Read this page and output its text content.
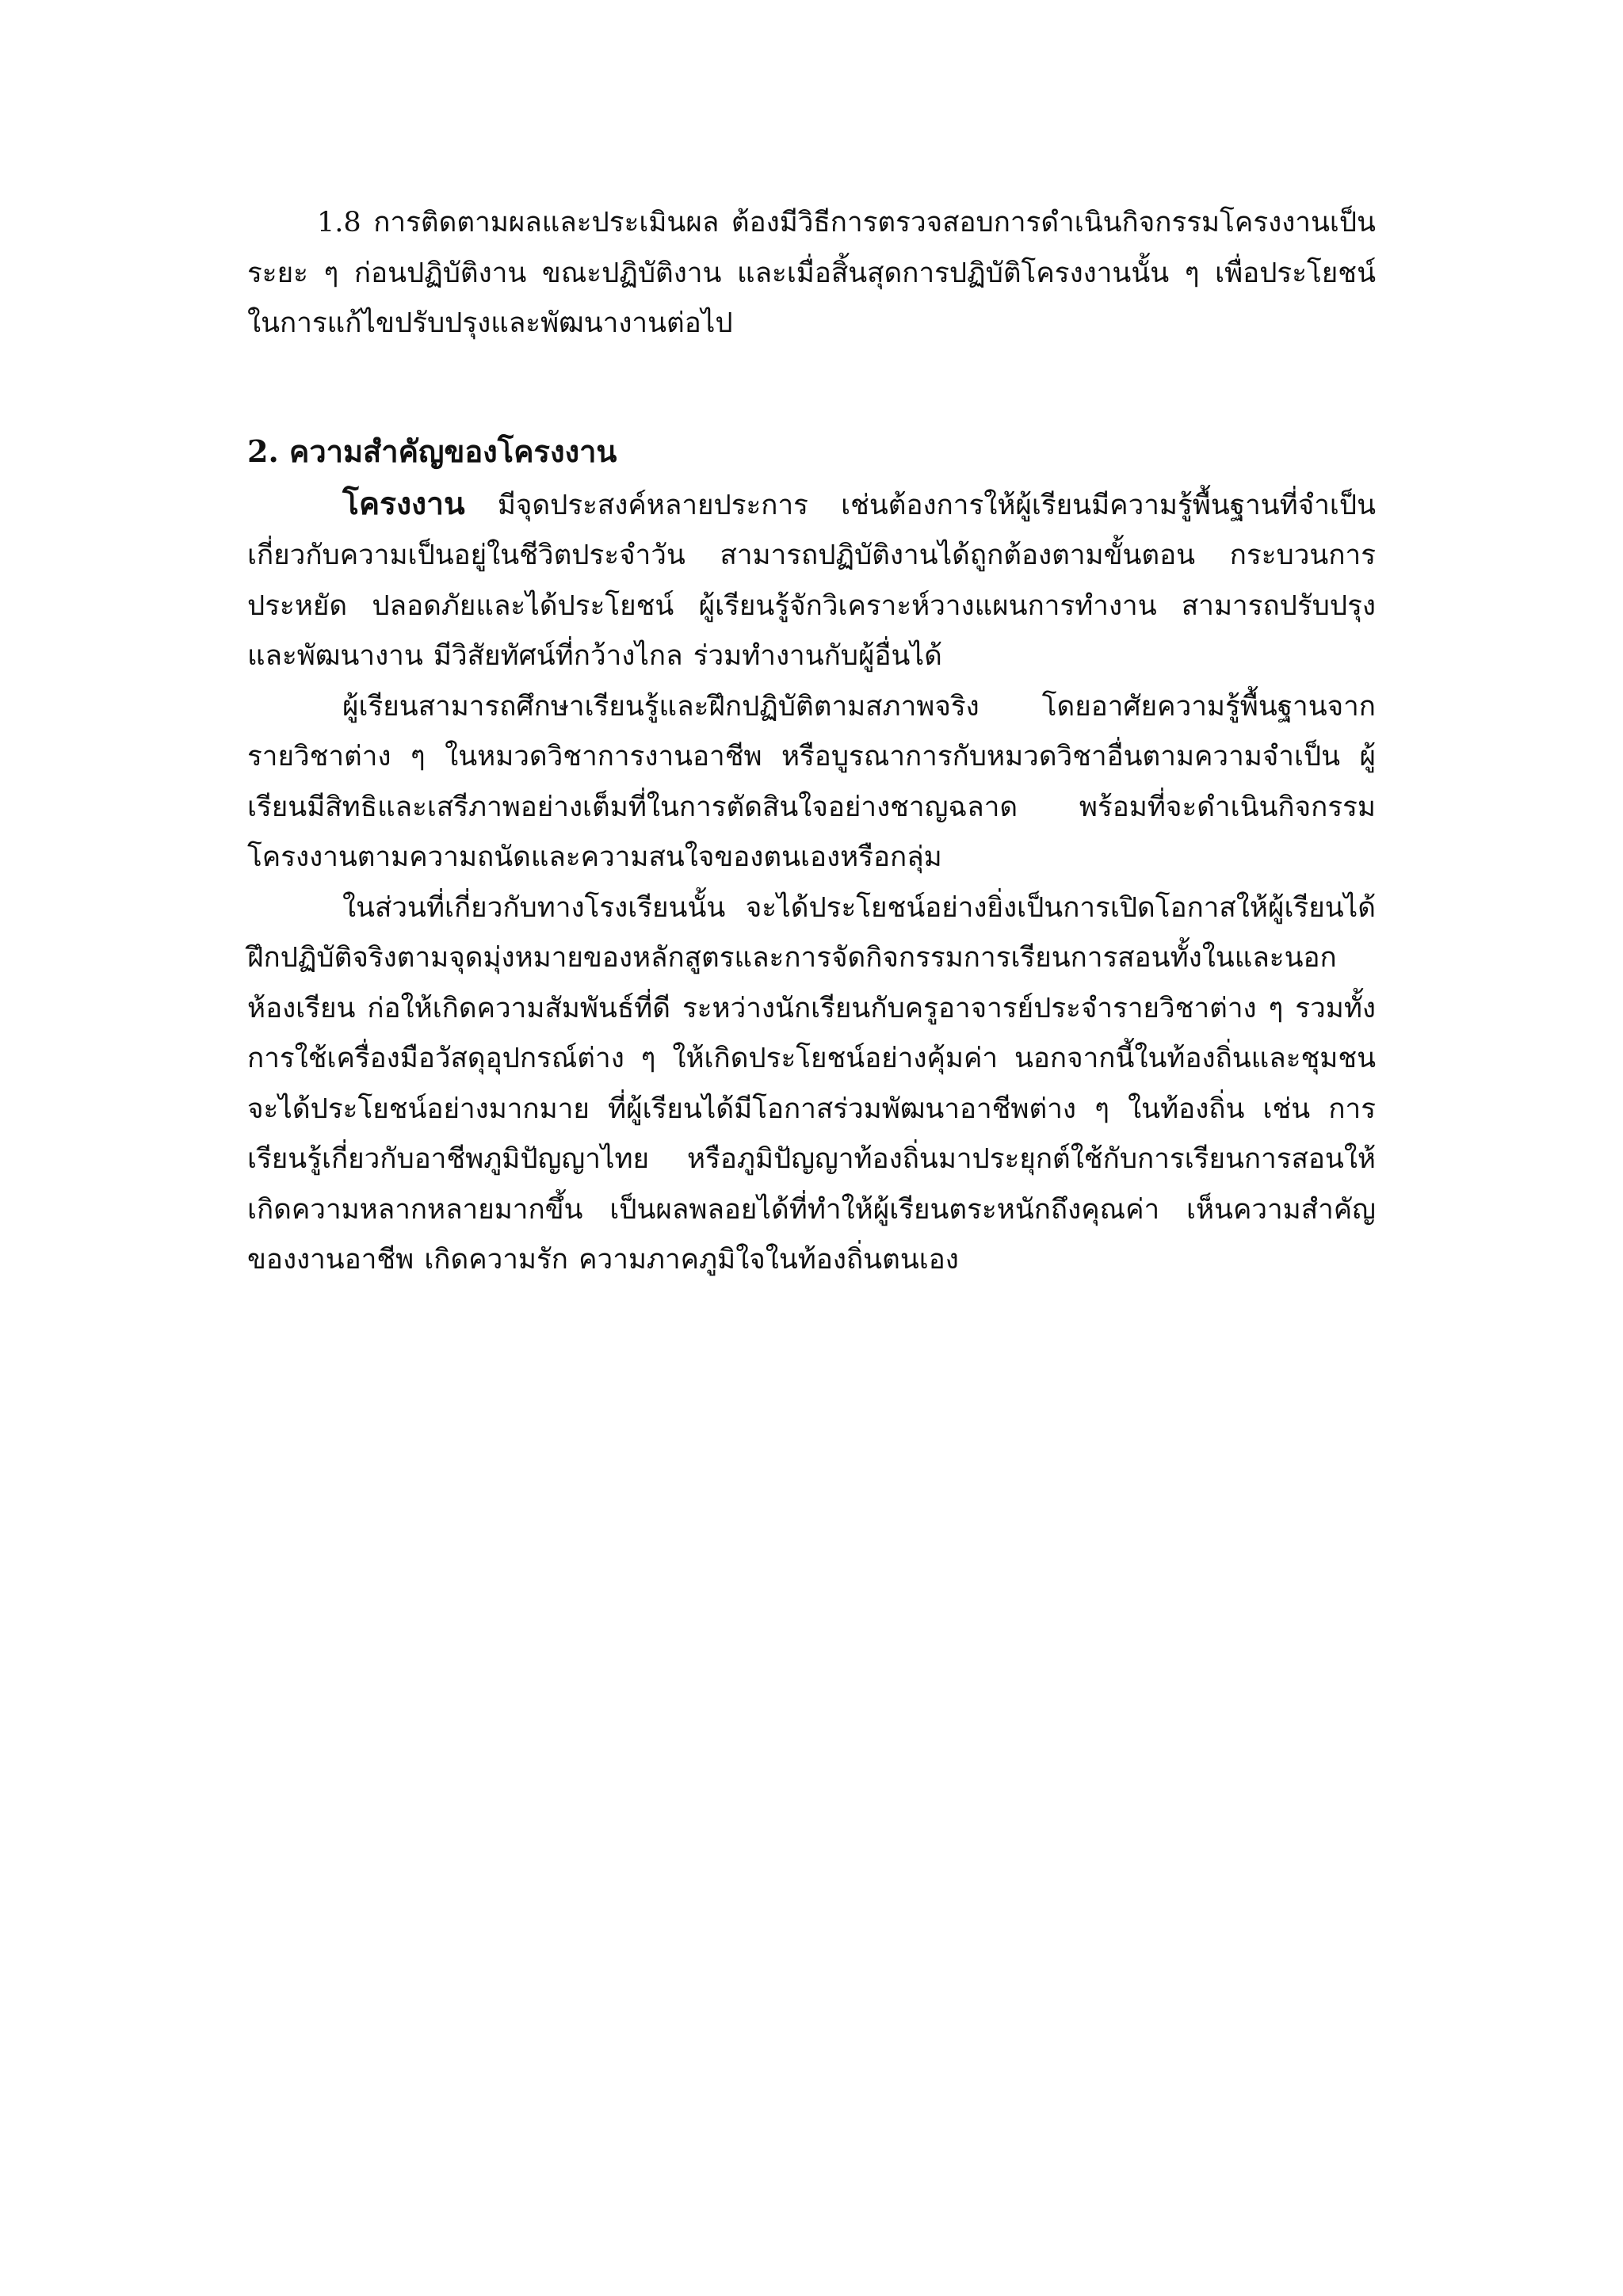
1.8 การติดตามผลและประเมินผล ต้องมีวิธีการตรวจสอบการดำเนินกิจกรรมโครงงานเป็นระยะ ๆ ก่อนปฏิบัติงาน ขณะปฏิบัติงาน และเมื่อสิ้นสุดการปฏิบัติโครงงานนั้น ๆ เพื่อประโยชน์ในการแก้ไขปรับปรุงและพัฒนางานต่อไป

2. ความสำคัญของโครงงาน

โครงงาน มีจุดประสงค์หลายประการ เช่นต้องการให้ผู้เรียนมีความรู้พื้นฐานที่จำเป็นเกี่ยวกับความเป็นอยู่ในชีวิตประจำวัน สามารถปฏิบัติงานได้ถูกต้องตามขั้นตอน กระบวนการประหยัด ปลอดภัยและได้ประโยชน์ ผู้เรียนรู้จักวิเคราะห์วางแผนการทำงาน สามารถปรับปรุงและพัฒนางาน มีวิสัยทัศน์ที่กว้างไกล ร่วมทำงานกับผู้อื่นได้

ผู้เรียนสามารถศึกษาเรียนรู้และฝึกปฏิบัติตามสภาพจริง โดยอาศัยความรู้พื้นฐานจากรายวิชาต่าง ๆ ในหมวดวิชาการงานอาชีพ หรือบูรณาการกับหมวดวิชาอื่นตามความจำเป็น ผู้เรียนมีสิทธิและเสรีภาพอย่างเต็มที่ในการตัดสินใจอย่างชาญฉลาด พร้อมที่จะดำเนินกิจกรรมโครงงานตามความถนัดและความสนใจของตนเองหรือกลุ่ม

ในส่วนที่เกี่ยวกับทางโรงเรียนนั้น จะได้ประโยชน์อย่างยิ่งเป็นการเปิดโอกาสให้ผู้เรียนได้ฝึกปฏิบัติจริงตามจุดมุ่งหมายของหลักสูตรและการจัดกิจกรรมการเรียนการสอนทั้งในและนอกห้องเรียน ก่อให้เกิดความสัมพันธ์ที่ดี ระหว่างนักเรียนกับครูอาจารย์ประจำรายวิชาต่าง ๆ รวมทั้งการใช้เครื่องมือวัสดุอุปกรณ์ต่าง ๆ ให้เกิดประโยชน์อย่างคุ้มค่า นอกจากนี้ในท้องถิ่นและชุมชนจะได้ประโยชน์อย่างมากมาย ที่ผู้เรียนได้มีโอกาสร่วมพัฒนาอาชีพต่าง ๆ ในท้องถิ่น เช่น การเรียนรู้เกี่ยวกับอาชีพภูมิปัญญาไทย หรือภูมิปัญญาท้องถิ่นมาประยุกต์ใช้กับการเรียนการสอนให้เกิดความหลากหลายมากขึ้น เป็นผลพลอยได้ที่ทำให้ผู้เรียนตระหนักถึงคุณค่า เห็นความสำคัญของงานอาชีพ เกิดความรัก ความภาคภูมิใจในท้องถิ่นตนเอง
